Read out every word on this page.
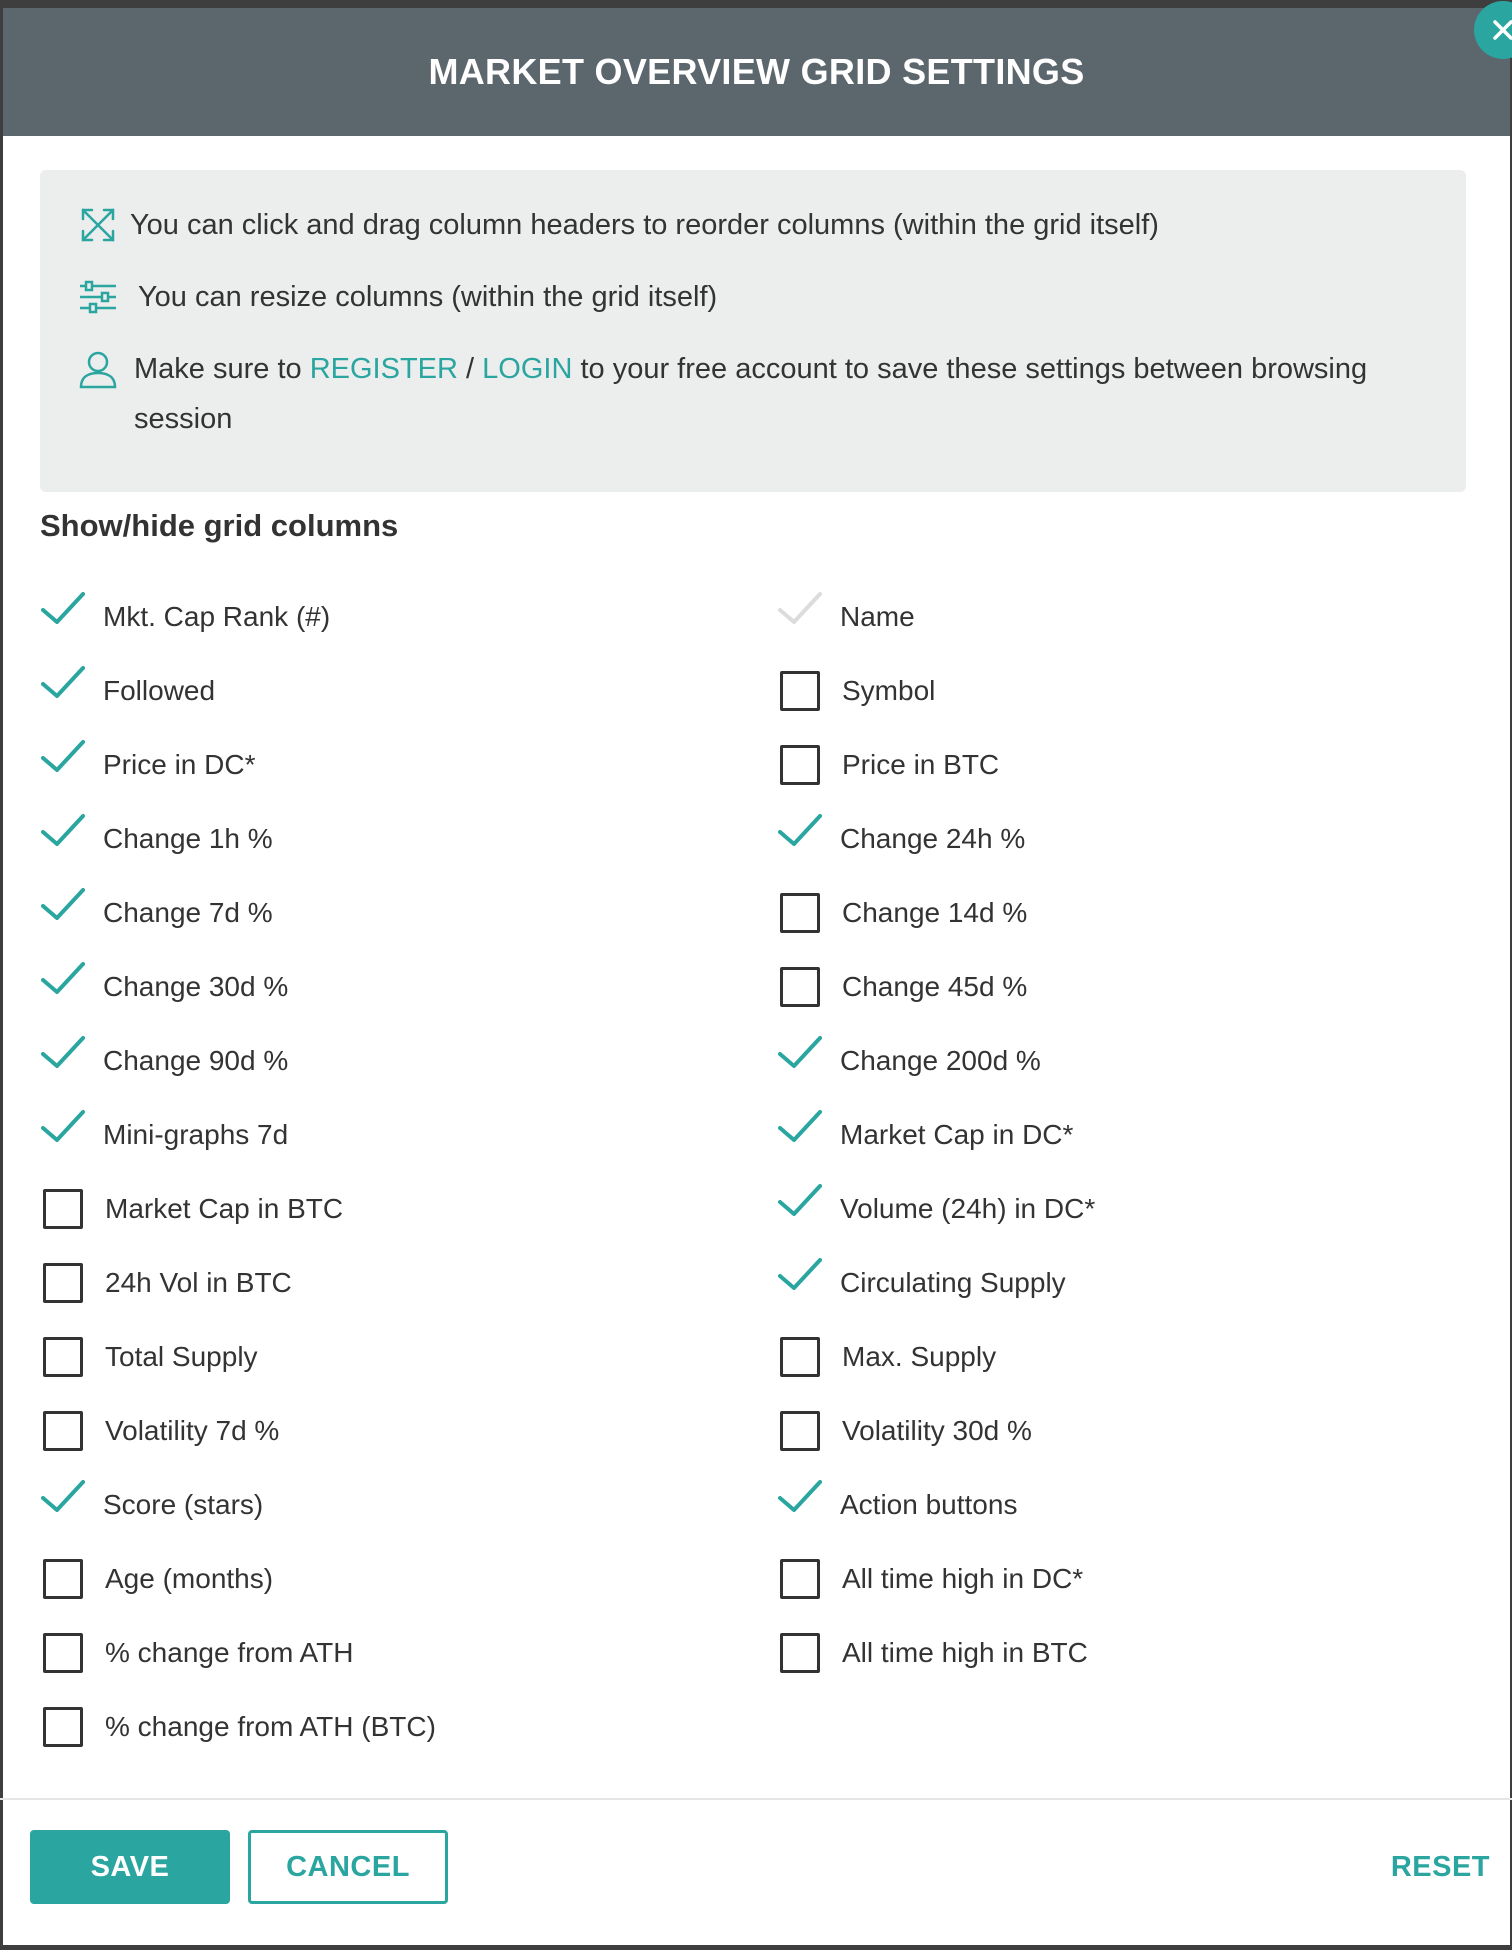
MARKET OVERVIEW GRID SETTINGS
You can click and drag column headers to reorder columns (within the grid itself)
You can resize columns (within the grid itself)
Make sure to REGISTER / LOGIN to your free account to save these settings between browsing session
Show/hide grid columns
Mkt. Cap Rank (#)
Followed
Price in DC*
Change 1h %
Change 7d %
Change 30d %
Change 90d %
Mini-graphs 7d
Market Cap in BTC
24h Vol in BTC
Total Supply
Volatility 7d %
Score (stars)
Age (months)
% change from ATH
% change from ATH (BTC)
Name
Symbol
Price in BTC
Change 24h %
Change 14d %
Change 45d %
Change 200d %
Market Cap in DC*
Volume (24h) in DC*
Circulating Supply
Max. Supply
Volatility 30d %
Action buttons
All time high in DC*
All time high in BTC
SAVE	CANCEL	RESET
